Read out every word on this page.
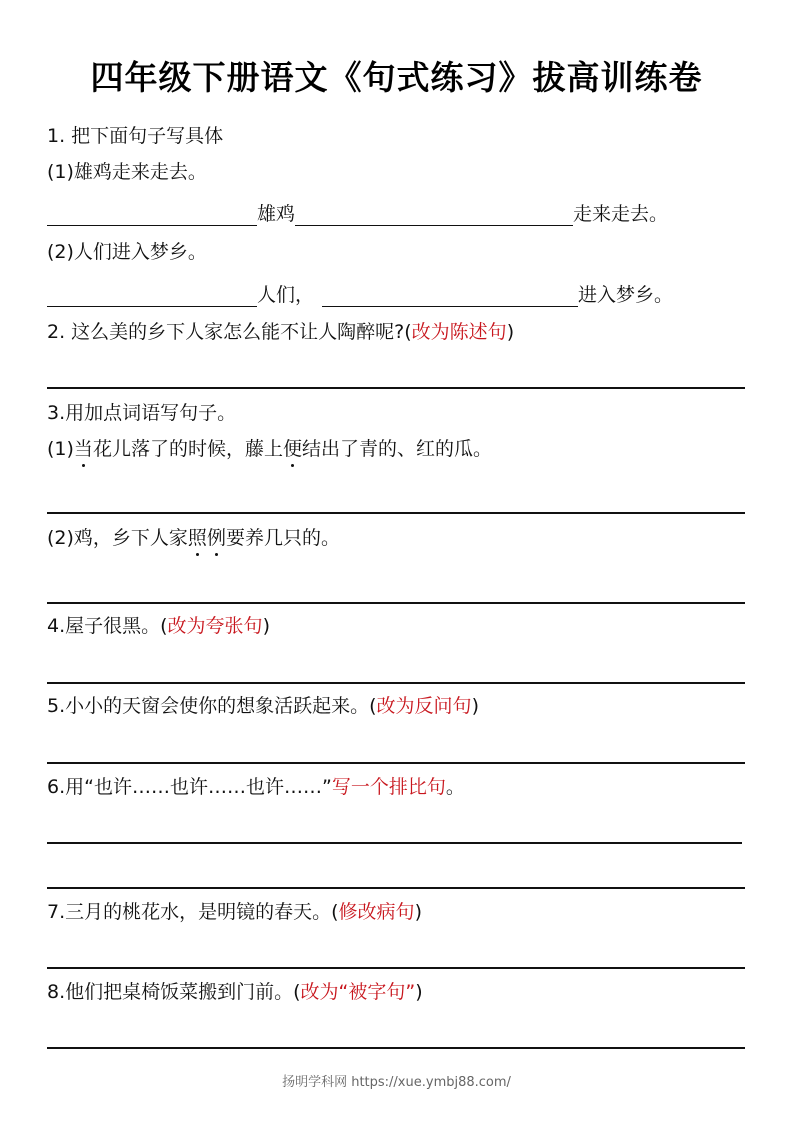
四年级下册语文《句式练习》拔高训练卷
1. 把下面句子写具体
(1)雄鸡走来走去。
雄鸡	走来走去。
(2)人们进入梦乡。
人们，	进入梦乡。
2. 这么美的乡下人家怎么能不让人陶醉呢?(改为陈述句)
3.用加点词语写句子。
(1)当花儿落了的时候，藤上便结出了青的、红的瓜。
(2)鸡，乡下人家照例要养几只的。
4.屋子很黑。(改为夸张句)
5.小小的天窗会使你的想象活跃起来。(改为反问句)
6.用“也许……也许……也许……”写一个排比句。
7.三月的桃花水，是明镜的春天。(修改病句)
8.他们把桌椅饭菜搬到门前。(改为“被字句”)
扬明学科网 https://xue.ymbj88.com/
